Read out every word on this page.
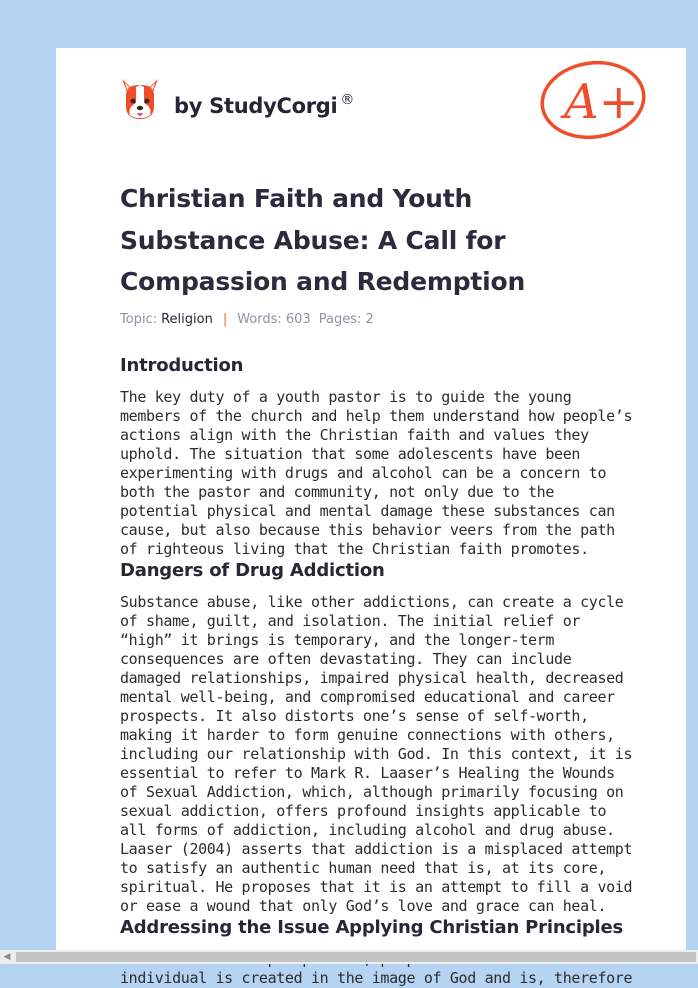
by StudyCorgi ®	A+
Christian Faith and Youth Substance Abuse: A Call for Compassion and Redemption
Topic: Religion | Words: 603 Pages: 2
Introduction

The key duty of a youth pastor is to guide the young members of the church and help them understand how people’s actions align with the Christian faith and values they uphold. The situation that some adolescents have been experimenting with drugs and alcohol can be a concern to both the pastor and community, not only due to the potential physical and mental damage these substances can cause, but also because this behavior veers from the path of righteous living that the Christian faith promotes.

Dangers of Drug Addiction

Substance abuse, like other addictions, can create a cycle of shame, guilt, and isolation. The initial relief or “high” it brings is temporary, and the longer-term consequences are often devastating. They can include damaged relationships, impaired physical health, decreased mental well-being, and compromised educational and career prospects. It also distorts one’s sense of self-worth, making it harder to form genuine connections with others, including our relationship with God. In this context, it is essential to refer to Mark R. Laaser’s Healing the Wounds of Sexual Addiction, which, although primarily focusing on sexual addiction, offers profound insights applicable to all forms of addiction, including alcohol and drug abuse. Laaser (2004) asserts that addiction is a misplaced attempt to satisfy an authentic human need that is, at its core, spiritual. He proposes that it is an attempt to fill a void or ease a wound that only God’s love and grace can heal.

Addressing the Issue Applying Christian Principles

individual is created in the image of God and is, therefore

◀
